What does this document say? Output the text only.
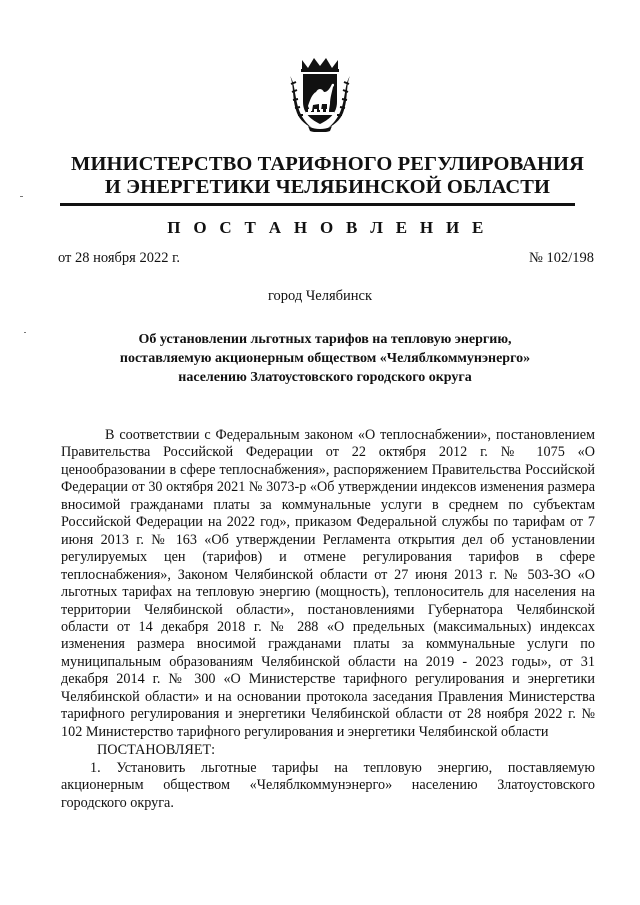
МИНИСТЕРСТВО ТАРИФНОГО РЕГУЛИРОВАНИЯ
И ЭНЕРГЕТИКИ ЧЕЛЯБИНСКОЙ ОБЛАСТИ
П О С Т А Н О В Л Е Н И Е
от 28 ноября 2022 г.	№ 102/198
город Челябинск
Об установлении льготных тарифов на тепловую энергию,
поставляемую акционерным обществом «Челяблкоммунэнерго»
населению Златоустовского городского округа

В соответствии с Федеральным законом «О теплоснабжении», постановлением Правительства Российской Федерации от 22 октября 2012 г. № 1075 «О ценообразовании в сфере теплоснабжения», распоряжением Правительства Российской Федерации от 30 октября 2021 № 3073-р «Об утверждении индексов изменения размера вносимой гражданами платы за коммунальные услуги в среднем по субъектам Российской Федерации на 2022 год», приказом Федеральной службы по тарифам от 7 июня 2013 г. № 163 «Об утверждении Регламента открытия дел об установлении регулируемых цен (тарифов) и отмене регулирования тарифов в сфере теплоснабжения», Законом Челябинской области от 27 июня 2013 г. № 503-ЗО «О льготных тарифах на тепловую энергию (мощность), теплоноситель для населения на территории Челябинской области», постановлениями Губернатора Челябинской области от 14 декабря 2018 г. № 288 «О предельных (максимальных) индексах изменения размера вносимой гражданами платы за коммунальные услуги по муниципальным образованиям Челябинской области на 2019 - 2023 годы», от 31 декабря 2014 г. № 300 «О Министерстве тарифного регулирования и энергетики Челябинской области» и на основании протокола заседания Правления Министерства тарифного регулирования и энергетики Челябинской области от 28 ноября 2022 г. № 102 Министерство тарифного регулирования и энергетики Челябинской области

ПОСТАНОВЛЯЕТ:

1. Установить льготные тарифы на тепловую энергию, поставляемую акционерным обществом «Челяблкоммунэнерго» населению Златоустовского городского округа.
